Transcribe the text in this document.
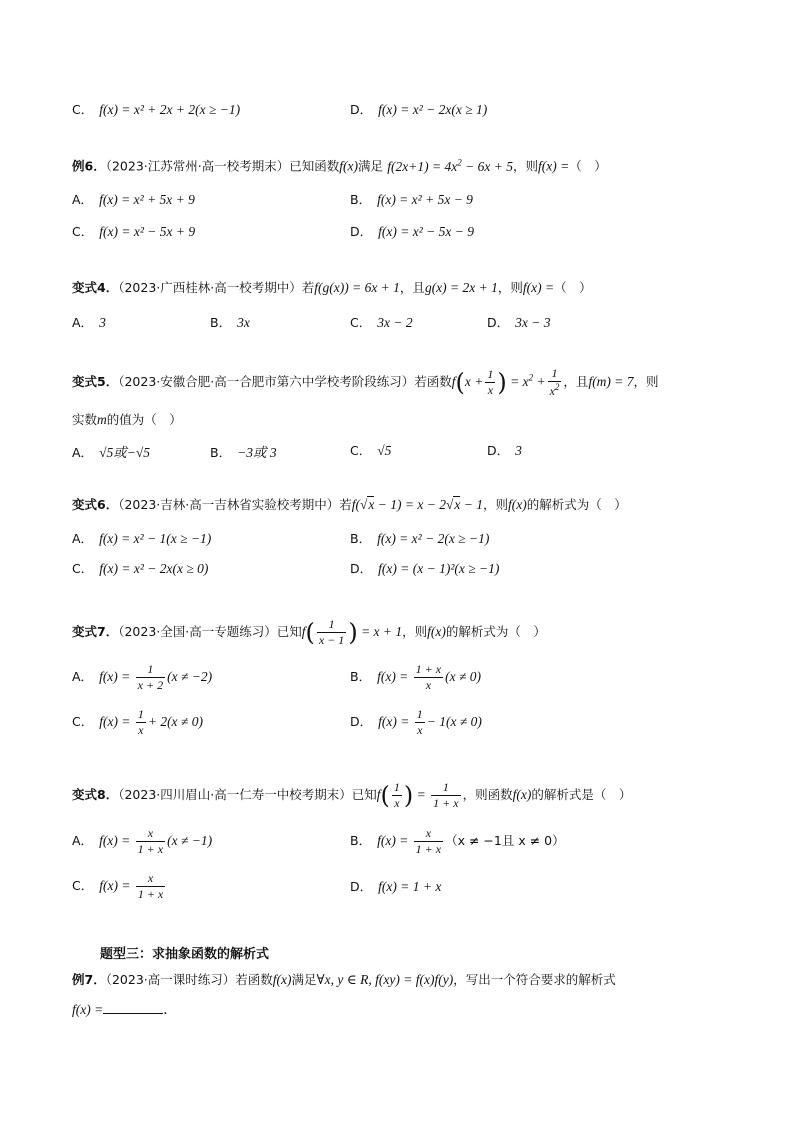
C． f(x) = x² + 2x + 2(x ≥ −1)	D． f(x) = x² − 2x(x ≥ 1)
例6．（2023·江苏常州·高一校考期末）已知函数f(x)满足 $f(2x+1) = 4x^2 - 6x + 5$，则f(x) =（　）
A． f(x) = x² + 5x + 9	B． f(x) = x² + 5x − 9
C． f(x) = x² − 5x + 9	D． f(x) = x² − 5x − 9
变式4．（2023·广西桂林·高一校考期中）若f(g(x)) = 6x + 1，且g(x) = 2x + 1，则f(x) =（　）
A． 3	B． 3x	C． 3x − 2	D． 3x − 3
变式5．（2023·安徽合肥·高一合肥市第六中学校考阶段练习）若函数$f(x + \frac{1}{x}$ ) = $x^2 + \frac{1}{x^2}$ ，且f(m) = 7，则
实数m的值为（　）
A． √5或−√5	B． −3或 3	C． √5	D． 3
变式6．（2023·吉林·高一吉林省实验校考期中）若f(√x − 1) = x − 2√x − 1，则f(x)的解析式为（　）
A． f(x) = x² − 1(x ≥ −1)	B． f(x) = x² − 2(x ≥ −1)
C． f(x) = x² − 2x(x ≥ 0)	D． f(x) = (x − 1)²(x ≥ −1)
变式7．（2023·全国·高一专题练习）已知$f( \frac{1}{x - 1}$ ) = x + 1，则f(x)的解析式为（　）
A． $f(x) = \frac{1}{x + 2} (x \ne -2)$	B． $f(x) = \frac{1 + x}{x} (x \ne 0)$
C． $f(x) = \frac{1}{x} + 2(x \ne 0)$	D． $f(x) = \frac{1}{x} - 1(x \ne 0)$
变式8．（2023·四川眉山·高一仁寿一中校考期末）已知$f( \frac{1}{x}$ ) = $\frac{1}{1 + x}$ ，则函数f(x)的解析式是（　）
A． $f(x) = \frac{x}{1 + x} (x \ne -1)$	B． $f(x) = \frac{x}{1 + x} (x \ne -1$且 x ≠ 0）
C． $f(x) = \frac{x}{1 + x}$	D． f(x) = 1 + x
题型三：求抽象函数的解析式
例7．（2023·高一课时练习）若函数f(x)满足∀x, y ∈ R, f(xy) = f(x)f(y)，写出一个符合要求的解析式
f(x) =	.
